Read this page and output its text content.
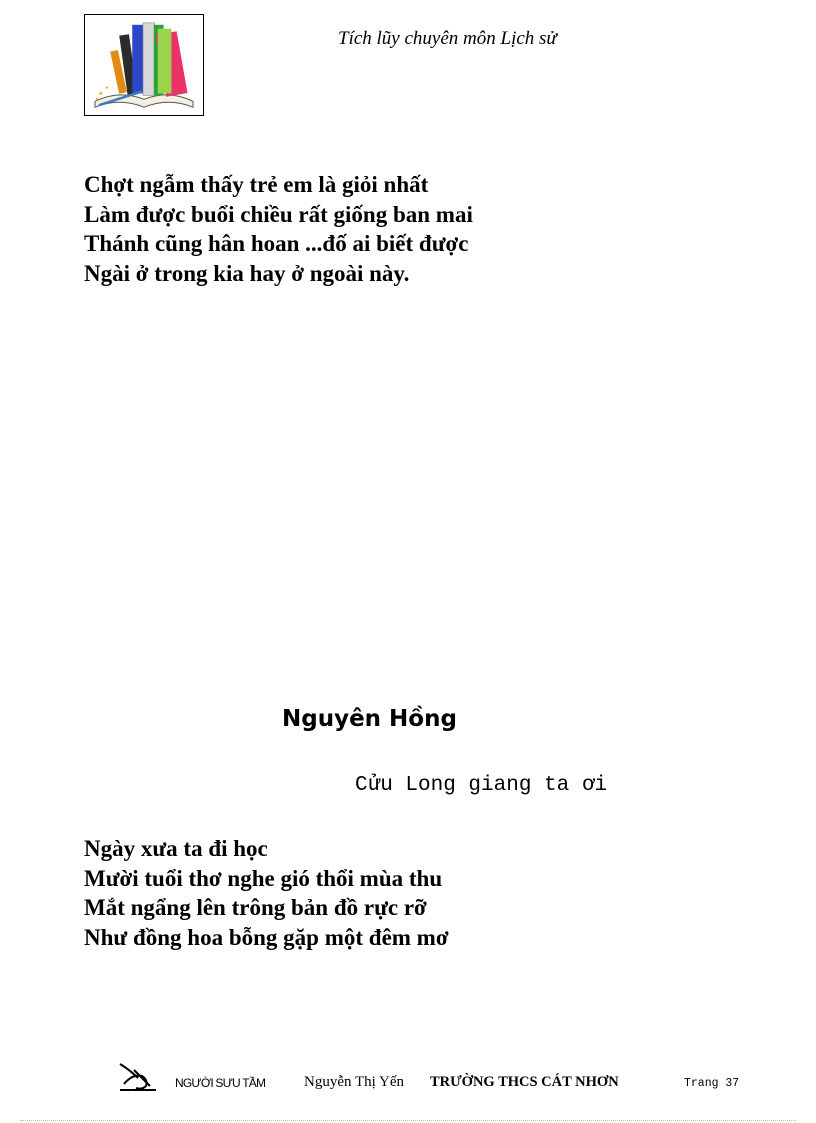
Tích lũy chuyên môn Lịch sử
Chợt ngẫm thấy trẻ em là giỏi nhất
Làm được buổi chiều rất giống ban mai
Thánh cũng hân hoan ...đố ai biết được
Ngài ở trong kia hay ở ngoài này.
Nguyên Hồng
Cửu Long giang ta ơi
Ngày xưa ta đi học
Mười tuổi thơ nghe gió thổi mùa thu
Mắt ngẩng lên trông bản đồ rực rỡ
Như đồng hoa bỗng gặp một đêm mơ
NGƯỜI SƯU TẦM	Nguyễn Thị Yến TRƯỜNG THCS CÁT NHƠN	Trang 37
